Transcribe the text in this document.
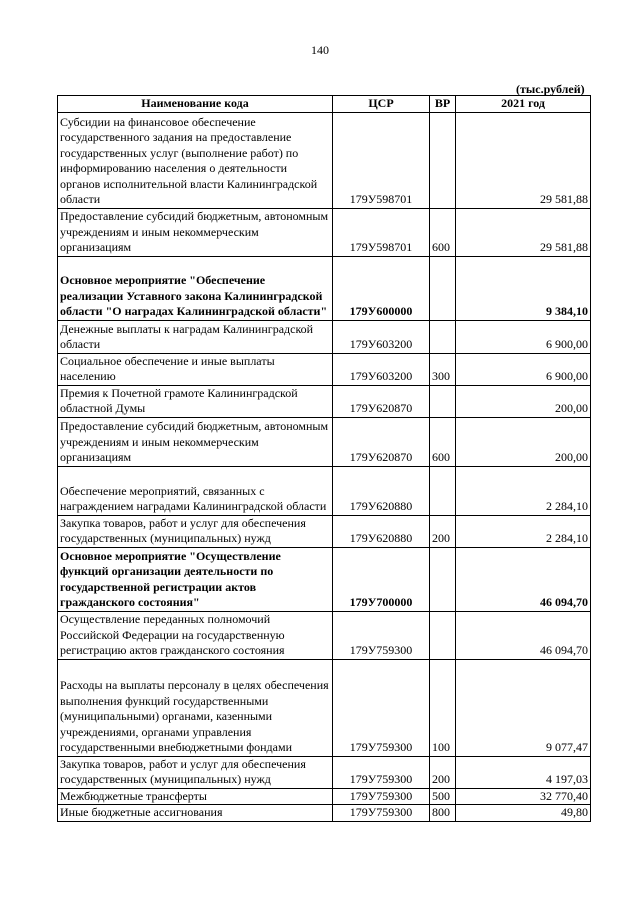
140
(тыс.рублей)
Наименование кода	ЦСР	ВР	2021 год
Субсидии на финансовое обеспечение государственного задания на предоставление государственных услуг (выполнение работ) по информированию населения о деятельности органов исполнительной власти Калининградской области	179У598701		29 581,88
Предоставление субсидий бюджетным, автономным учреждениям и иным некоммерческим организациям	179У598701	600	29 581,88
Основное мероприятие "Обеспечение реализации Уставного закона Калининградской области "О наградах Калининградской области"	179У600000		9 384,10
Денежные выплаты к наградам Калининградской области	179У603200		6 900,00
Социальное обеспечение и иные выплаты населению	179У603200	300	6 900,00
Премия к Почетной грамоте Калининградской областной Думы	179У620870		200,00
Предоставление субсидий бюджетным, автономным учреждениям и иным некоммерческим организациям	179У620870	600	200,00
Обеспечение мероприятий, связанных с награждением наградами Калининградской области	179У620880		2 284,10
Закупка товаров, работ и услуг для обеспечения государственных (муниципальных) нужд	179У620880	200	2 284,10
Основное мероприятие "Осуществление функций организации деятельности по государственной регистрации актов гражданского состояния"	179У700000		46 094,70
Осуществление переданных полномочий Российской Федерации на государственную регистрацию актов гражданского состояния	179У759300		46 094,70
Расходы на выплаты персоналу в целях обеспечения выполнения функций государственными (муниципальными) органами, казенными учреждениями, органами управления государственными внебюджетными фондами	179У759300	100	9 077,47
Закупка товаров, работ и услуг для обеспечения государственных (муниципальных) нужд	179У759300	200	4 197,03
Межбюджетные трансферты	179У759300	500	32 770,40
Иные бюджетные ассигнования	179У759300	800	49,80
